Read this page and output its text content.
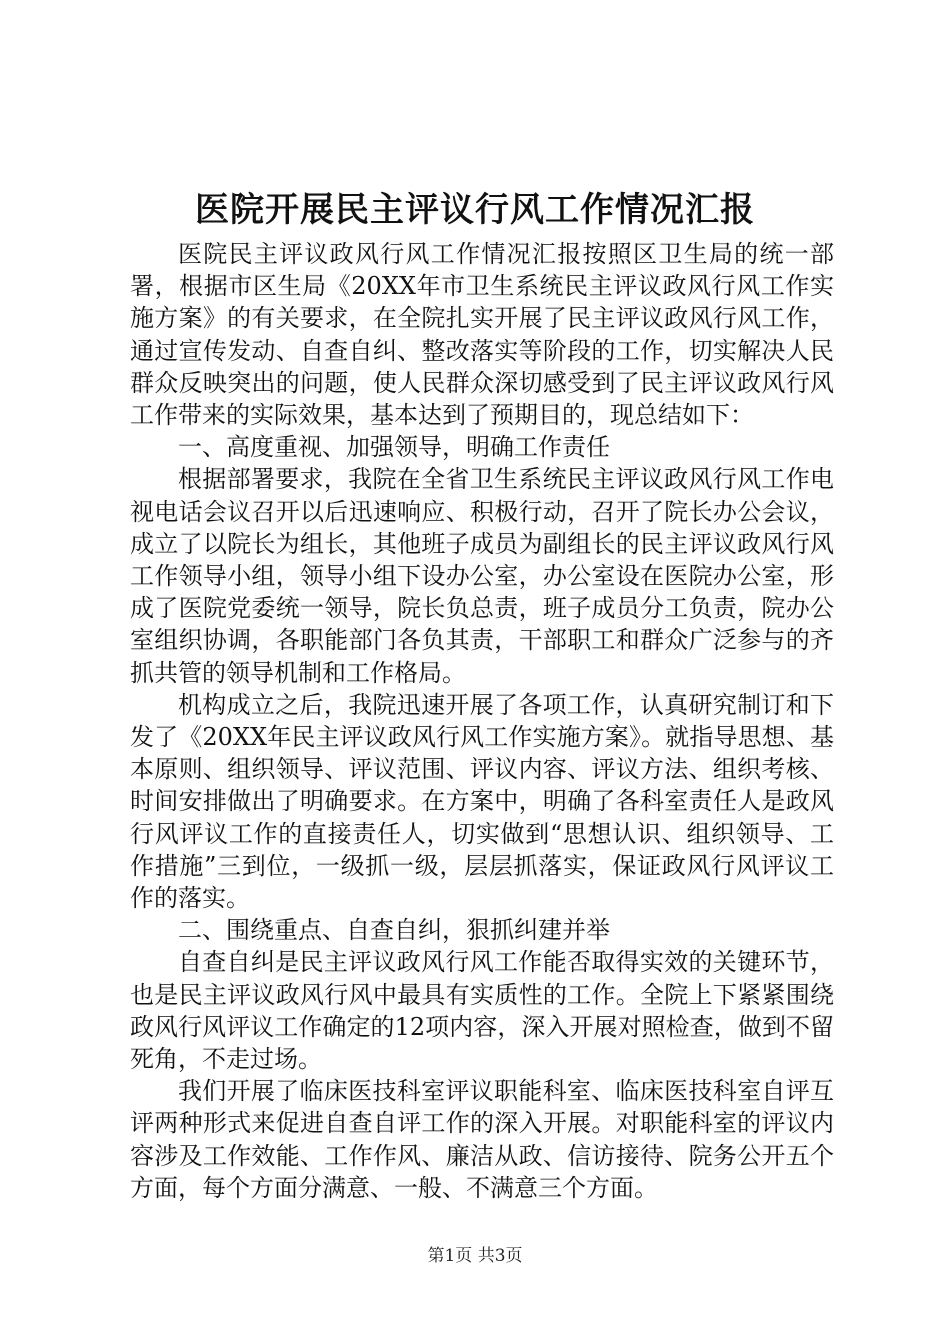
医院开展民主评议行风工作情况汇报

医院民主评议政风行风工作情况汇报按照区卫生局的统一部署，根据市区生局《20XX年市卫生系统民主评议政风行风工作实施方案》的有关要求，在全院扎实开展了民主评议政风行风工作，通过宣传发动、自查自纠、整改落实等阶段的工作，切实解决人民群众反映突出的问题，使人民群众深切感受到了民主评议政风行风工作带来的实际效果，基本达到了预期目的，现总结如下：

一、高度重视、加强领导，明确工作责任

根据部署要求，我院在全省卫生系统民主评议政风行风工作电视电话会议召开以后迅速响应、积极行动，召开了院长办公会议，成立了以院长为组长，其他班子成员为副组长的民主评议政风行风工作领导小组，领导小组下设办公室，办公室设在医院办公室，形成了医院党委统一领导，院长负总责，班子成员分工负责，院办公室组织协调，各职能部门各负其责，干部职工和群众广泛参与的齐抓共管的领导机制和工作格局。

机构成立之后，我院迅速开展了各项工作，认真研究制订和下发了《20XX年民主评议政风行风工作实施方案》。就指导思想、基本原则、组织领导、评议范围、评议内容、评议方法、组织考核、时间安排做出了明确要求。在方案中，明确了各科室责任人是政风行风评议工作的直接责任人，切实做到“思想认识、组织领导、工作措施”三到位，一级抓一级，层层抓落实，保证政风行风评议工作的落实。

二、围绕重点、自查自纠，狠抓纠建并举

自查自纠是民主评议政风行风工作能否取得实效的关键环节，也是民主评议政风行风中最具有实质性的工作。全院上下紧紧围绕政风行风评议工作确定的12项内容，深入开展对照检查，做到不留死角，不走过场。

我们开展了临床医技科室评议职能科室、临床医技科室自评互评两种形式来促进自查自评工作的深入开展。对职能科室的评议内容涉及工作效能、工作作风、廉洁从政、信访接待、院务公开五个方面，每个方面分满意、一般、不满意三个方面。

第1页 共3页
